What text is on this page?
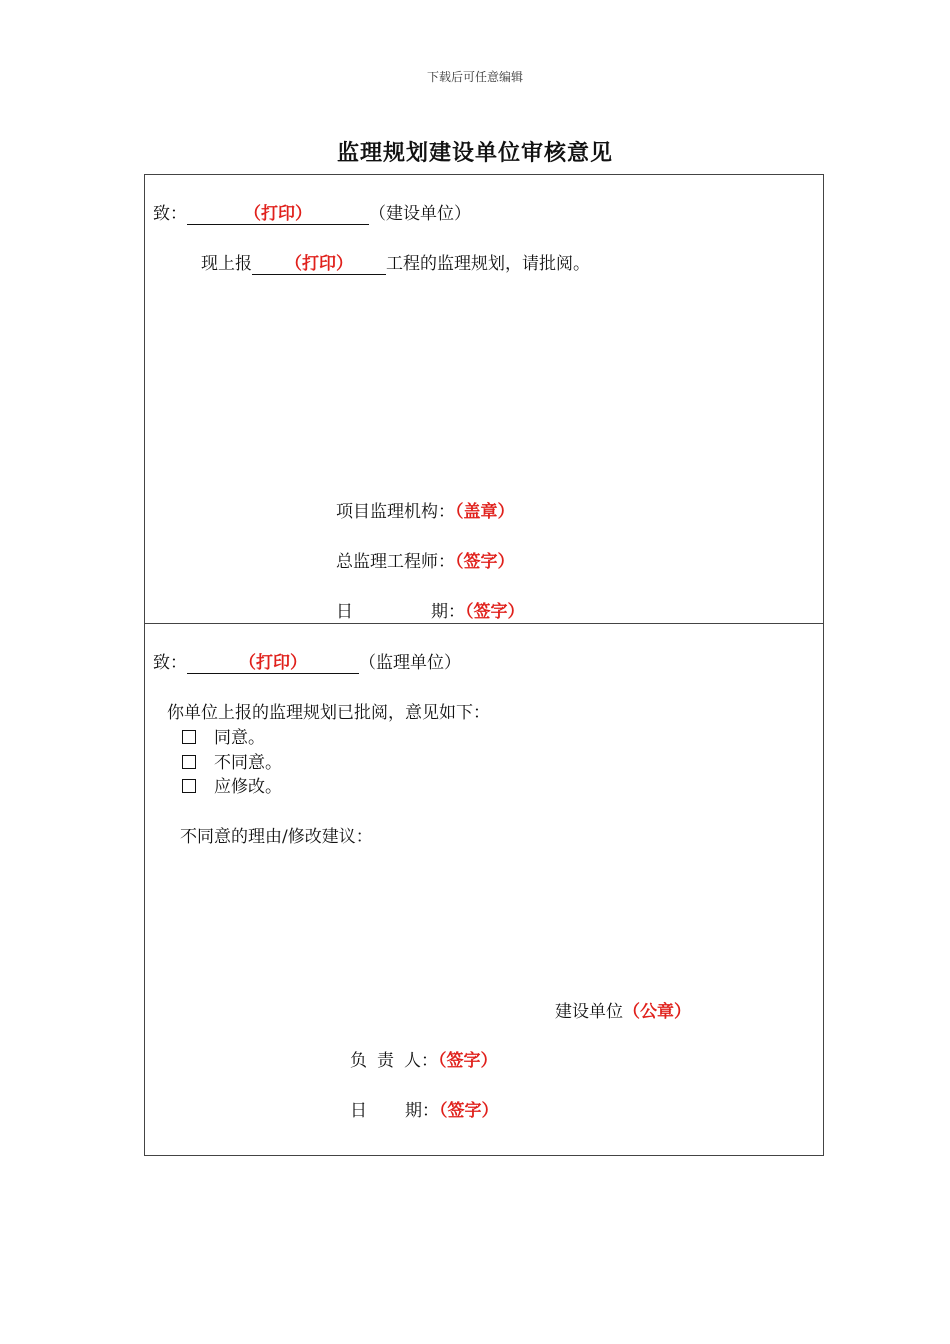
下载后可任意编辑
监理规划建设单位审核意见
致：	（打印）	（建设单位）
现上报 （打印） 工程的监理规划，请批阅。
项目监理机构：（盖章）
总监理工程师：（签字）
日	期：（签字）
致：	（打印）	（监理单位）
你单位上报的监理规划已批阅，意见如下：
同意。
不同意。
应修改。
不同意的理由/修改建议：
建设单位（公章）
负 责 人：（签字）
日 期：（签字）
